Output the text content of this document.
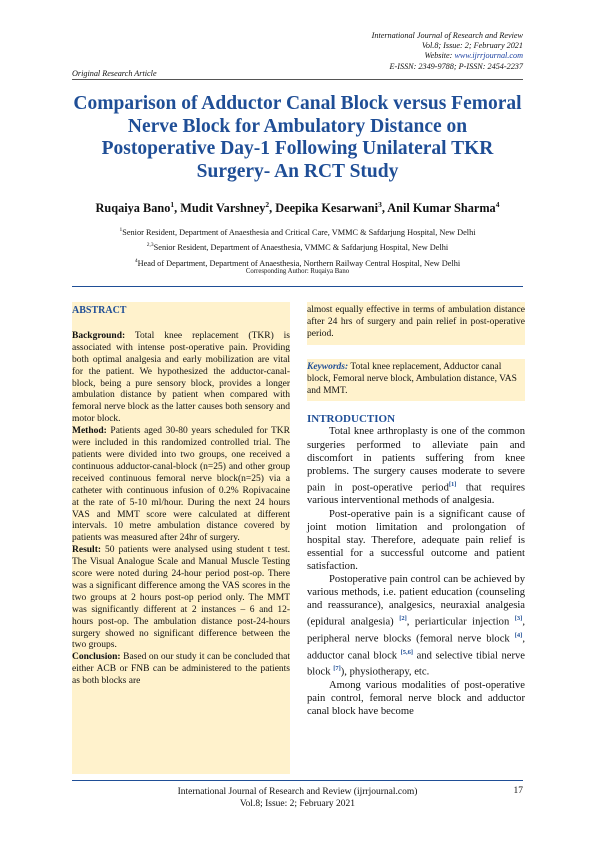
International Journal of Research and Review
Vol.8; Issue: 2; February 2021
Website: www.ijrrjournal.com
E-ISSN: 2349-9788; P-ISSN: 2454-2237
Original Research Article
Comparison of Adductor Canal Block versus Femoral Nerve Block for Ambulatory Distance on Postoperative Day-1 Following Unilateral TKR Surgery- An RCT Study
Ruqaiya Bano$^1$, Mudit Varshney$^2$, Deepika Kesarwani$^3$, Anil Kumar Sharma$^4$
$^1$Senior Resident, Department of Anaesthesia and Critical Care, VMMC & Safdarjung Hospital, New Delhi
$^{2,3}$Senior Resident, Department of Anaesthesia, VMMC & Safdarjung Hospital, New Delhi
$^4$Head of Department, Department of Anaesthesia, Northern Railway Central Hospital, New Delhi
Corresponding Author: Ruqaiya Bano

ABSTRACT

Background: Total knee replacement (TKR) is associated with intense post-operative pain. Providing both optimal analgesia and early mobilization are vital for the patient. We hypothesized the adductor-canal-block, being a pure sensory block, provides a longer ambulation distance by patient when compared with femoral nerve block as the latter causes both sensory and motor block.

Method: Patients aged 30-80 years scheduled for TKR were included in this randomized controlled trial. The patients were divided into two groups, one received a continuous adductor-canal-block (n=25) and other group received continuous femoral nerve block(n=25) via a catheter with continuous infusion of 0.2% Ropivacaine at the rate of 5-10 ml/hour. During the next 24 hours VAS and MMT score were calculated at different intervals. 10 metre ambulation distance covered by patients was measured after 24hr of surgery.

Result: 50 patients were analysed using student t test. The Visual Analogue Scale and Manual Muscle Testing score were noted during 24-hour period post-op. There was a significant difference among the VAS scores in the two groups at 2 hours post-op period only. The MMT was significantly different at 2 instances – 6 and 12-hours post-op. The ambulation distance post-24-hours surgery showed no significant difference between the two groups.

Conclusion: Based on our study it can be concluded that either ACB or FNB can be administered to the patients as both blocks are

almost equally effective in terms of ambulation distance after 24 hrs of surgery and pain relief in post-operative period.
Keywords: Total knee replacement, Adductor canal block, Femoral nerve block, Ambulation distance, VAS and MMT.
INTRODUCTION

Total knee arthroplasty is one of the common surgeries performed to alleviate pain and discomfort in patients suffering from knee problems. The surgery causes moderate to severe pain in post-operative period[1] that requires various interventional methods of analgesia.

Post-operative pain is a significant cause of joint motion limitation and prolongation of hospital stay. Therefore, adequate pain relief is essential for a successful outcome and patient satisfaction.

Postoperative pain control can be achieved by various methods, i.e. patient education (counseling and reassurance), analgesics, neuraxial analgesia (epidural analgesia) [2], periarticular injection [3], peripheral nerve blocks (femoral nerve block [4], adductor canal block [5,6] and selective tibial nerve block [7]), physiotherapy, etc.

Among various modalities of post-operative pain control, femoral nerve block and adductor canal block have become

International Journal of Research and Review (ijrrjournal.com)
Vol.8; Issue: 2; February 2021
17
